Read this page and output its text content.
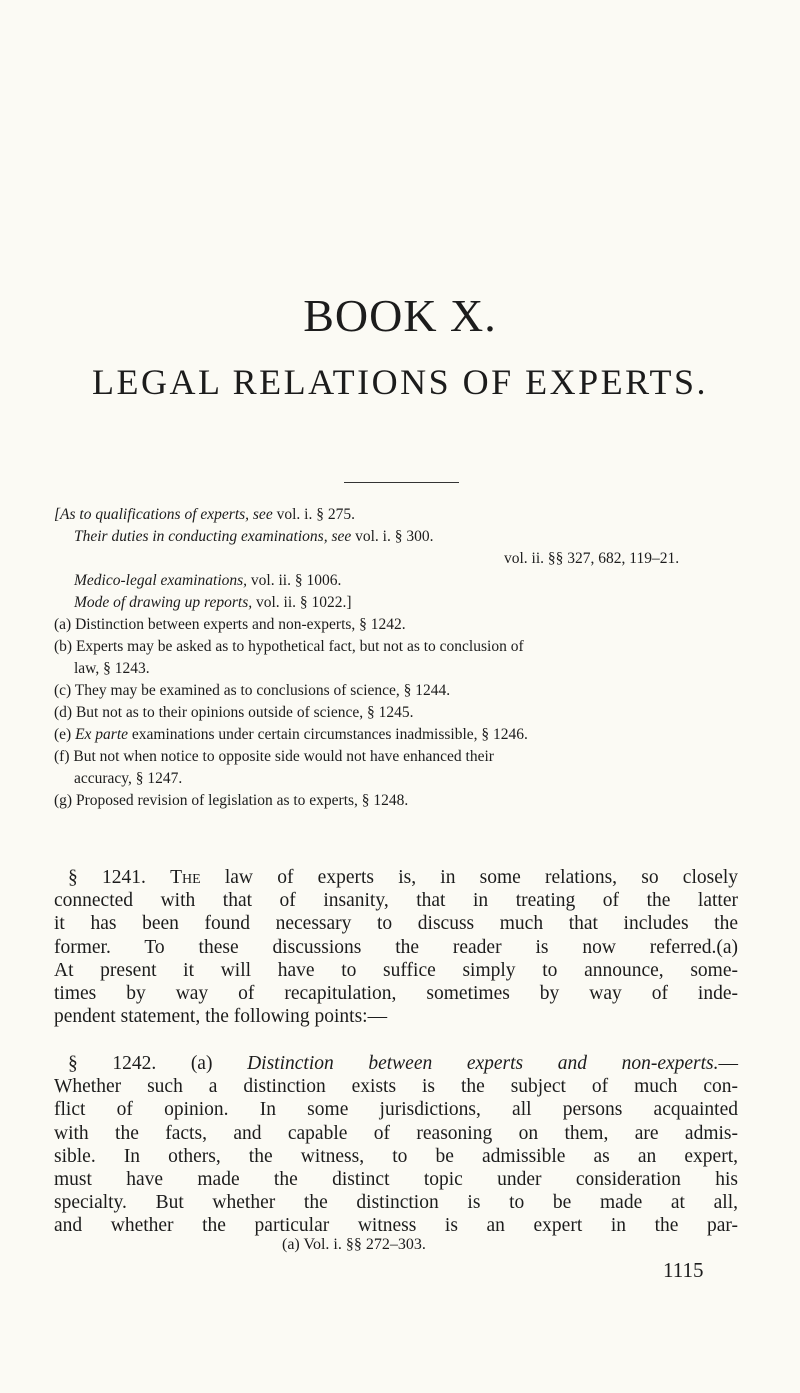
BOOK X.
LEGAL RELATIONS OF EXPERTS.
[As to qualifications of experts, see vol. i. § 275.
Their duties in conducting examinations, see vol. i. § 300.
vol. ii. §§ 327, 682, 119–21.
Medico-legal examinations, vol. ii. § 1006.
Mode of drawing up reports, vol. ii. § 1022.]
(a) Distinction between experts and non-experts, § 1242.
(b) Experts may be asked as to hypothetical fact, but not as to conclusion of
law, § 1243.
(c) They may be examined as to conclusions of science, § 1244.
(d) But not as to their opinions outside of science, § 1245.
(e) Ex parte examinations under certain circumstances inadmissible, § 1246.
(f) But not when notice to opposite side would not have enhanced their
accuracy, § 1247.
(g) Proposed revision of legislation as to experts, § 1248.
§ 1241. The law of experts is, in some relations, so closely
connected with that of insanity, that in treating of the latter
it has been found necessary to discuss much that includes the
former. To these discussions the reader is now referred.(a)
At present it will have to suffice simply to announce, some-
times by way of recapitulation, sometimes by way of inde-
pendent statement, the following points:—
§ 1242. (a) Distinction between experts and non-experts.—
Whether such a distinction exists is the subject of much con-
flict of opinion. In some jurisdictions, all persons acquainted
with the facts, and capable of reasoning on them, are admis-
sible. In others, the witness, to be admissible as an expert,
must have made the distinct topic under consideration his
specialty. But whether the distinction is to be made at all,
and whether the particular witness is an expert in the par-
(a) Vol. i. §§ 272–303.
1115
